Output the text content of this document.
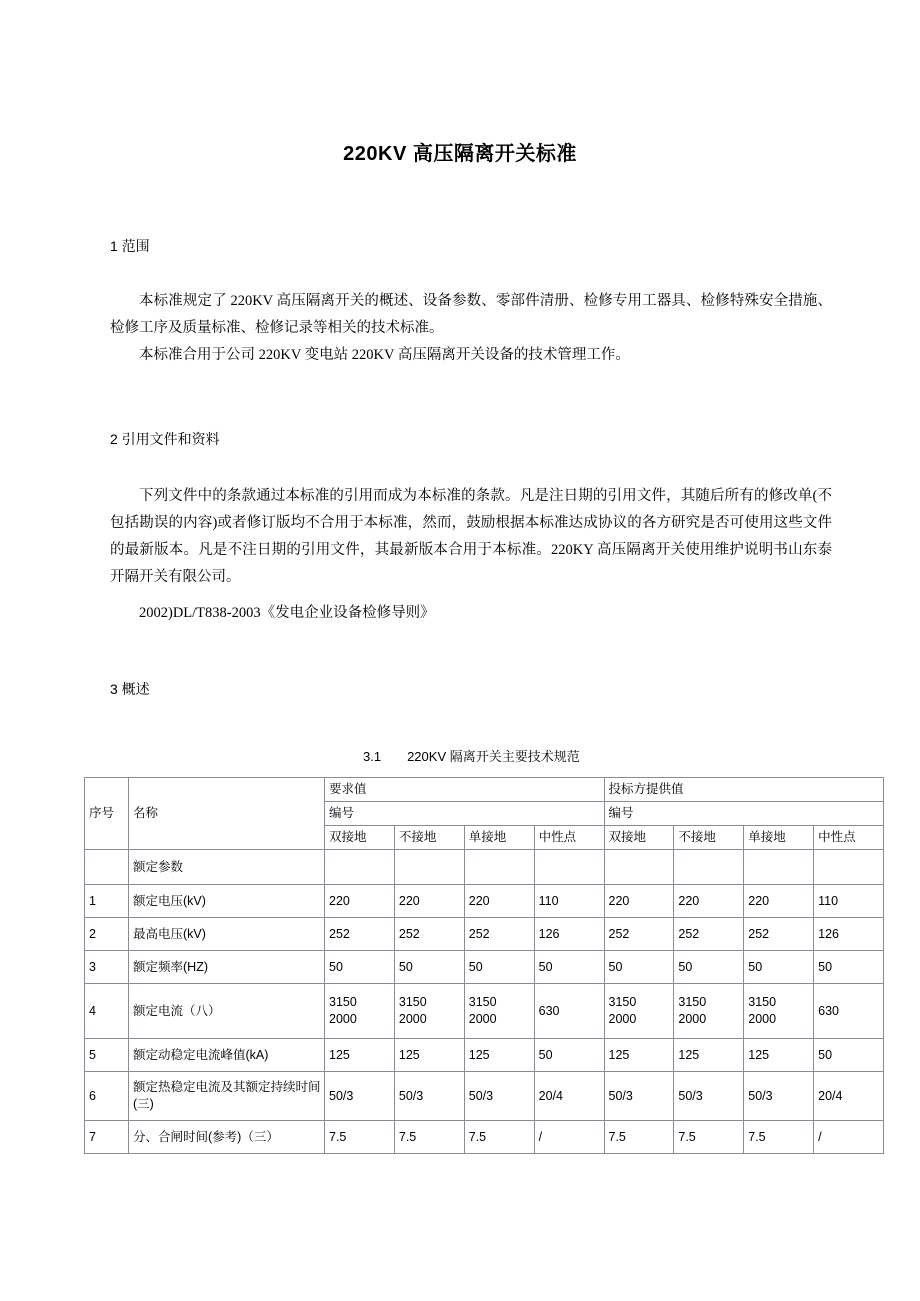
220KV 高压隔离开关标准
1 范围

本标准规定了 220KV 高压隔离开关的概述、设备参数、零部件清册、检修专用工器具、检修特殊安全措施、检修工序及质量标准、检修记录等相关的技术标准。

本标准合用于公司 220KV 变电站 220KV 高压隔离开关设备的技术管理工作。

2 引用文件和资料

下列文件中的条款通过本标准的引用而成为本标准的条款。凡是注日期的引用文件，其随后所有的修改单(不包括勘误的内容)或者修订版均不合用于本标准，然而，鼓励根据本标准达成协议的各方研究是否可使用这些文件的最新版本。凡是不注日期的引用文件，其最新版本合用于本标准。220KY 高压隔离开关使用维护说明书山东泰开隔开关有限公司。

2002)DL/T838-2003《发电企业设备检修导则》

3 概述
3.1 220KV 隔离开关主要技术规范
序号	名称	要求值				投标方提供值			
		编号				编号			
		双接地	不接地	单接地	中性点	双接地	不接地	单接地	中性点
	额定参数								
1	额定电压(kV)	220	220	220	110	220	220	220	110
2	最高电压(kV)	252	252	252	126	252	252	252	126
3	额定频率(HZ)	50	50	50	50	50	50	50	50
4	额定电流（八）	3150
2000	3150
2000	3150
2000	630	3150
2000	3150
2000	3150
2000	630
5	额定动稳定电流峰值(kA)	125	125	125	50	125	125	125	50
6	额定热稳定电流及其额定持续时间(三)	50/3	50/3	50/3	20/4	50/3	50/3	50/3	20/4
7	分、合闸时间(参考)（三）	7.5	7.5	7.5	/	7.5	7.5	7.5	/
